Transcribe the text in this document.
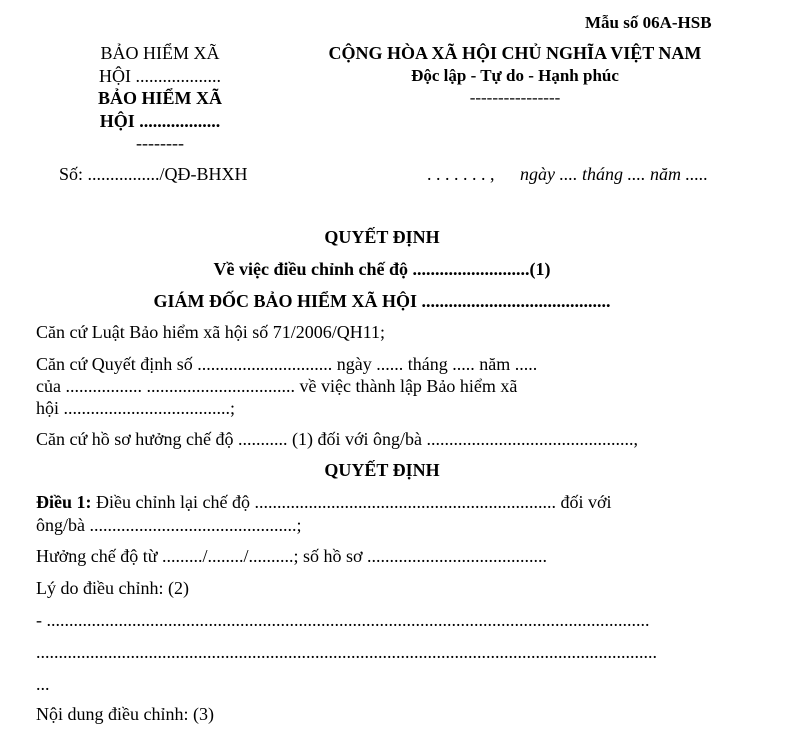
Mẫu số 06A-HSB
BẢO HIỂM XÃ
HỘI ...................
BẢO HIỂM XÃ
HỘI ..................
--------
CỘNG HÒA XÃ HỘI CHỦ NGHĨA VIỆT NAM
Độc lập - Tự do - Hạnh phúc
----------------
Số: ................/QĐ-BHXH	. . . . . . . , ngày .... tháng .... năm .....
QUYẾT ĐỊNH
Về việc điều chỉnh chế độ ..........................(1)
GIÁM ĐỐC BẢO HIỂM XÃ HỘI ..........................................
Căn cứ Luật Bảo hiểm xã hội số 71/2006/QH11;
Căn cứ Quyết định số .............................. ngày ...... tháng ..... năm .....
của ................. ................................. về việc thành lập Bảo hiểm xã
hội .....................................;
Căn cứ hồ sơ hưởng chế độ ........... (1) đối với ông/bà ..............................................,
QUYẾT ĐỊNH
Điều 1: Điều chỉnh lại chế độ ................................................................... đối với
ông/bà ..............................................;
Hưởng chế độ từ ........./......../..........; số hồ sơ ........................................
Lý do điều chỉnh: (2)
- ......................................................................................................................................
..........................................................................................................................................
...
Nội dung điều chỉnh: (3)
